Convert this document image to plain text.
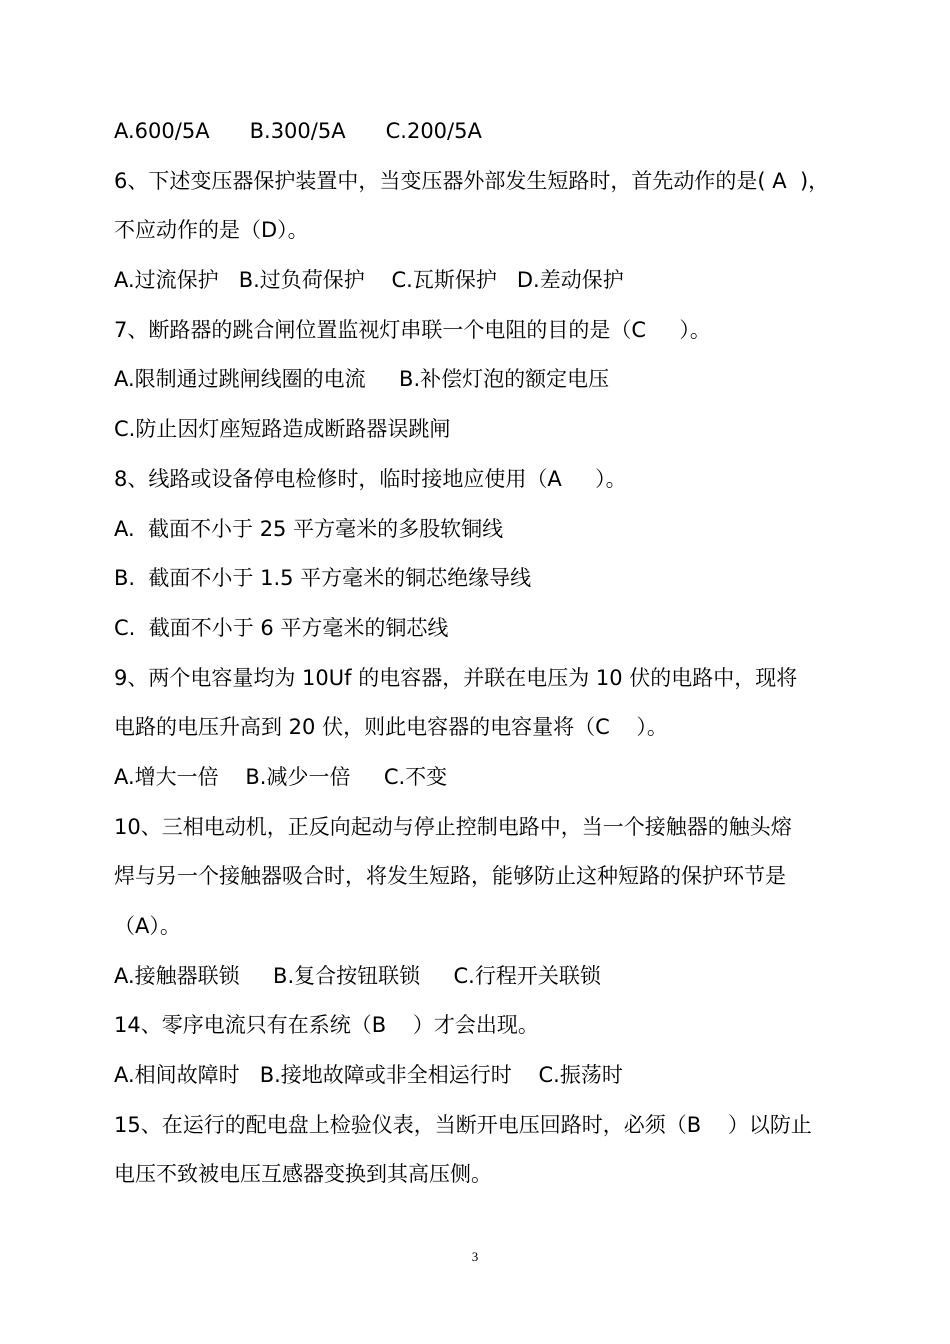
A.600/5A      B.300/5A      C.200/5A
6、下述变压器保护装置中，当变压器外部发生短路时，首先动作的是( A  )，
不应动作的是（D）。
A.过流保护   B.过负荷保护    C.瓦斯保护   D.差动保护
7、断路器的跳合闸位置监视灯串联一个电阻的目的是（C     ）。
A.限制通过跳闸线圈的电流     B.补偿灯泡的额定电压
C.防止因灯座短路造成断路器误跳闸
8、线路或设备停电检修时，临时接地应使用（A     ）。
A.  截面不小于 25 平方毫米的多股软铜线
B.  截面不小于 1.5 平方毫米的铜芯绝缘导线
C.  截面不小于 6 平方毫米的铜芯线
9、两个电容量均为 10Uf 的电容器，并联在电压为 10 伏的电路中，现将
电路的电压升高到 20 伏，则此电容器的电容量将（C    ）。
A.增大一倍    B.减少一倍     C.不变
10、三相电动机，正反向起动与停止控制电路中，当一个接触器的触头熔
焊与另一个接触器吸合时，将发生短路，能够防止这种短路的保护环节是
（A）。
A.接触器联锁     B.复合按钮联锁     C.行程开关联锁
14、零序电流只有在系统（B    ）才会出现。
A.相间故障时   B.接地故障或非全相运行时    C.振荡时
15、在运行的配电盘上检验仪表，当断开电压回路时，必须（B    ）以防止
电压不致被电压互感器变换到其高压侧。
3
